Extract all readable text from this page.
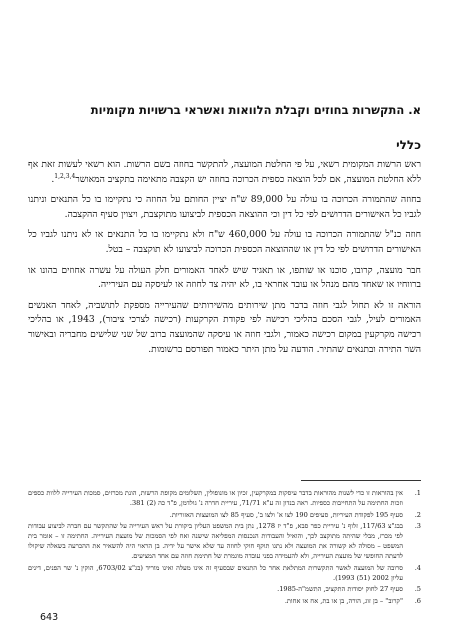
א. התקשרות בחוזים וקבלת הלוואות ואשראי ברשויות מקומיות
כללי

ראש הרשות המקומית רשאי, על פי החלטת המועצה, להתקשר בחוזה בשם הרשות. הוא רשאי לעשות זאת אף ללא החלטת המועצה, אם לכל הוצאה כספית הכרוכה בחוזה יש הקצבה מתאימה בתקציב המאושר$^{1,2,3,4}$.

בחוזה שהתמורה הכרוכה בו עולה על 89,000 ש"ח יציין החותם על החוזה כי נתקיימו בו כל התנאים וניתנו לגביו כל האישורים הדרושים לפי כל דין וכי ההוצאה הכספית לביצועו מתוקצבת, ויצוין סעיף ההקצבה.

חוזה כנ"ל שהתמורה הכרוכה בו עולה על 460,000 ש"ח ולא נתקיימו בו כל התנאים או לא ניתנו לגביו כל האישורים הדרושים לפי כל דין או שההוצאה הכספית הכרוכה לביצועו לא תוקצבה – בטל.

חבר מועצה, קרובו, סוכנו או שותפו, או תאגיד שיש לאחד האמורים חלק העולה על עשרה אחוזים בהונו או ברווחיו או שאחד מהם מנהל או עובד אחראי בו, לא יהיה צד לחוזה או לעיסקה עם העירייה.

הוראה זו לא תחול לגבי חוזה בדבר מתן שירותים מהשירותים שהעירייה מספקת לתושביה, לאחד האנשים האמורים לעיל, לגבי הסכם בהליכי רכישה לפי פקודת הקרקעות (רכישה לצרכי ציבור), 1943, או בהליכי רכישה מקרקעין במקום רכישה כאמור, ולגבי חוזה או עיסקה שהמועצה ברוב של שני שלישים מחבריה ובאישור השר התירה ובתנאים שהתיר. הודעה על מתן היתר כאמור תפורסם ברשומות.

1.
אין בהוראות זו כדי לשנות מהוראות בדבר עיסקות במקרקעין, זכיון או מונופולין, תשלומים מקופת הרשות, הונת מכרזים, סמכות העירייה ללוות כספים וזכות החתימה על התחייבות כספיות. ראה בנדון זה ע"א 71/71, עיריית חדרה נ' גולדמן, פ"ד כה (2) 381.
2.
סעיף 195 לפקודת העיריות, סעיפים 190 לצו א' ולצו ב', סעיף 85 לצו המועצות האזוריות.
3.
בבג"צ 117/63, זלוף נ' עיריית כפר סבא, פ"ד יז 1278, נתן בית המשפט העליון ביקורת על ראש העירייה על שהתקשר עם חברה לביצוע עבודות לפי מכרז, מבלי שהיתה מתוקצב לכך, והואיל והעבודות הנכנסות המפליאה שישנה ואח לפי הסמכות של מועצת העירייה. החתימה זו – אומר בית המשפט – מסולה לא קשורה את המועצה ולא נתגו תוקף חוקי לחוזה עד שלא אישר על ידיה. בן הראוי היה להשאיר את ההכרעה בשאלה שיקולו לדעתה החופשי של מועצת העירייה, ולא להעמידה בפני עובדה מוגמרת של חתימת חוזה עם אחד המציעים.
4.
סרובה של המועצה לאשר התקשרות המתלאת אחר כל התנאים שבסעיף זה אינו מעלה ואינו מוריד (בג"צ 6703/02, הוקין נ' שר הפנים, דינים עליון 2002 (51) 1993).
5.
סעיף 27 לחוק יסודות התקציב, התשמ"ה-1985.
6.
"קרוב" – בן זוג, הורה, בן או בת, אח או אחות.
643
